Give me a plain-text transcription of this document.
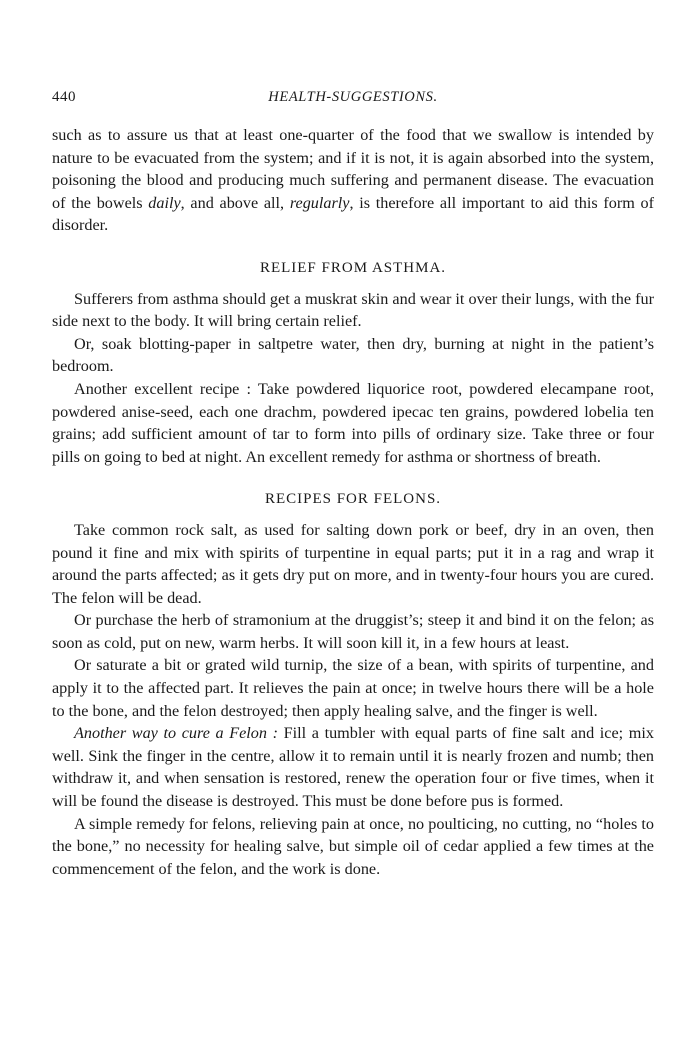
440	HEALTH-SUGGESTIONS.

such as to assure us that at least one-quarter of the food that we swallow is intended by nature to be evacuated from the system; and if it is not, it is again absorbed into the system, poisoning the blood and producing much suffering and permanent disease. The evacuation of the bowels daily, and above all, regularly, is therefore all important to aid this form of disorder.

RELIEF FROM ASTHMA.

Sufferers from asthma should get a muskrat skin and wear it over their lungs, with the fur side next to the body. It will bring certain relief.

Or, soak blotting-paper in saltpetre water, then dry, burning at night in the patient’s bedroom.

Another excellent recipe : Take powdered liquorice root, powdered elecampane root, powdered anise-seed, each one drachm, powdered ipecac ten grains, powdered lobelia ten grains; add sufficient amount of tar to form into pills of ordinary size. Take three or four pills on going to bed at night. An excellent remedy for asthma or shortness of breath.

RECIPES FOR FELONS.

Take common rock salt, as used for salting down pork or beef, dry in an oven, then pound it fine and mix with spirits of turpentine in equal parts; put it in a rag and wrap it around the parts affected; as it gets dry put on more, and in twenty-four hours you are cured. The felon will be dead.

Or purchase the herb of stramonium at the druggist’s; steep it and bind it on the felon; as soon as cold, put on new, warm herbs. It will soon kill it, in a few hours at least.

Or saturate a bit or grated wild turnip, the size of a bean, with spirits of turpentine, and apply it to the affected part. It relieves the pain at once; in twelve hours there will be a hole to the bone, and the felon destroyed; then apply healing salve, and the finger is well.

Another way to cure a Felon : Fill a tumbler with equal parts of fine salt and ice; mix well. Sink the finger in the centre, allow it to remain until it is nearly frozen and numb; then withdraw it, and when sensation is restored, renew the operation four or five times, when it will be found the disease is destroyed. This must be done before pus is formed.

A simple remedy for felons, relieving pain at once, no poulticing, no cutting, no “holes to the bone,” no necessity for healing salve, but simple oil of cedar applied a few times at the commencement of the felon, and the work is done.
